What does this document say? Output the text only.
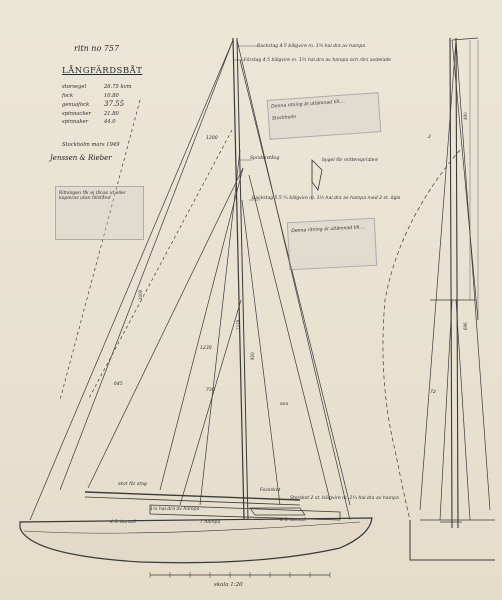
Denna ritning är utlämnad till....
Stockholm
Ritningen får ej lånas ut eller kopieras utan tillstånd
Denna ritning är utlämnad till....
ritn no 757
LÅNGFÄRDSBÅT
storsegel	26.75 kvm
fock	10.80
genuafock 37.55
spinnacker 21.80
spinnaker	44.0
Stockholm mars 1949
Jenssen & Rieber
Backstag 4.5 bälgvire m. 1¾ hal.dra av hampa
Förstag 4.5 bälgvire m. 1¾ hal.dra av hampa och rörs avdelade
Spridarstång	bygel för mittenspridare
Backstag 5.5 ¾ bälgvire m. 1¾ hal.dra av hampa med 2 st. ögla
sea
skot för stag
1⅝ hal.dra av hampa
Storskot 2 st. bälgvire m. 1¾ hal.dra av hampa
7 hampa	4 S. bomull
4 S. bomull
Fockskot
1278
1000
920
1230
645
1200
730
490
696
2
72
skala 1:20
